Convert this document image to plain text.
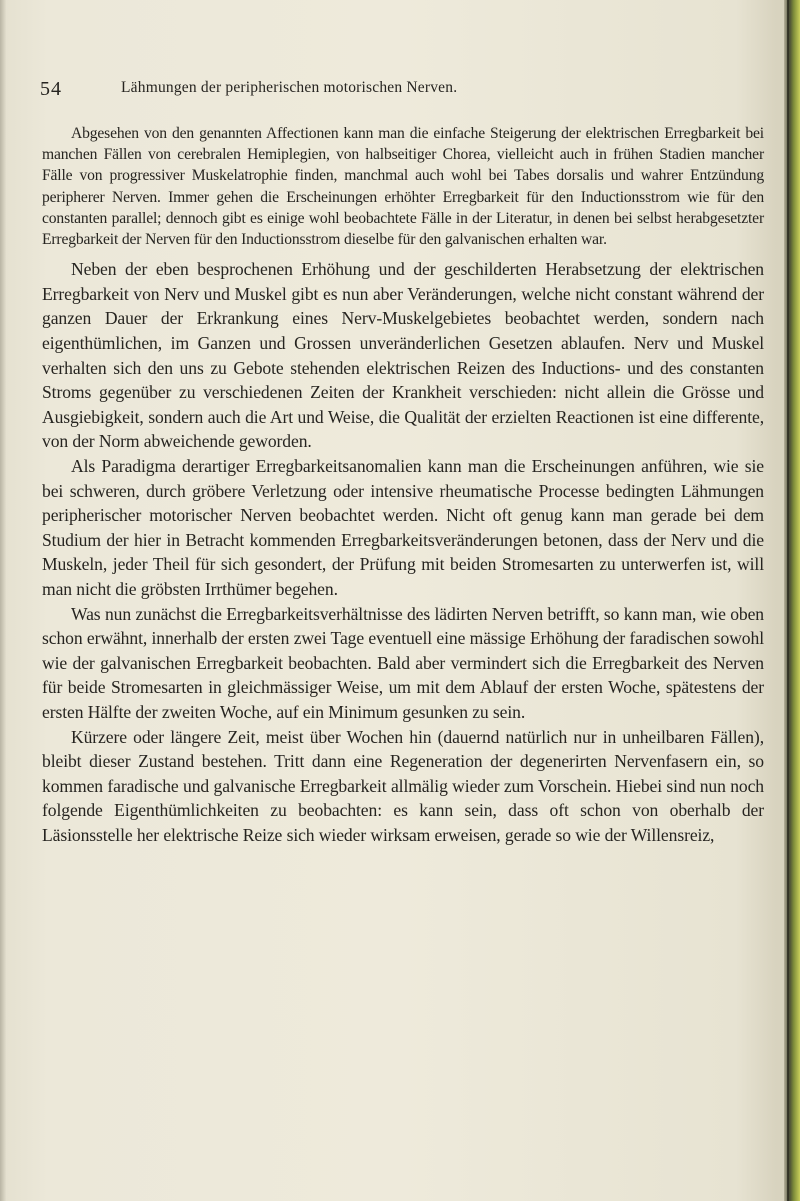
54	Lähmungen der peripherischen motorischen Nerven.

Abgesehen von den genannten Affectionen kann man die einfache Steigerung der elektrischen Erregbarkeit bei manchen Fällen von cerebralen Hemiplegien, von halbseitiger Chorea, vielleicht auch in frühen Stadien mancher Fälle von progressiver Muskelatrophie finden, manchmal auch wohl bei Tabes dorsalis und wahrer Entzündung peripherer Nerven. Immer gehen die Erscheinungen erhöhter Erregbarkeit für den Inductionsstrom wie für den constanten parallel; dennoch gibt es einige wohl beobachtete Fälle in der Literatur, in denen bei selbst herabgesetzter Erregbarkeit der Nerven für den Inductionsstrom dieselbe für den galvanischen erhalten war.

Neben der eben besprochenen Erhöhung und der geschilderten Herabsetzung der elektrischen Erregbarkeit von Nerv und Muskel gibt es nun aber Veränderungen, welche nicht constant während der ganzen Dauer der Erkrankung eines Nerv-Muskelgebietes beobachtet werden, sondern nach eigenthümlichen, im Ganzen und Grossen unveränderlichen Gesetzen ablaufen. Nerv und Muskel verhalten sich den uns zu Gebote stehenden elektrischen Reizen des Inductions- und des constanten Stroms gegenüber zu verschiedenen Zeiten der Krankheit verschieden: nicht allein die Grösse und Ausgiebigkeit, sondern auch die Art und Weise, die Qualität der erzielten Reactionen ist eine differente, von der Norm abweichende geworden.

Als Paradigma derartiger Erregbarkeitsanomalien kann man die Erscheinungen anführen, wie sie bei schweren, durch gröbere Verletzung oder intensive rheumatische Processe bedingten Lähmungen peripherischer motorischer Nerven beobachtet werden. Nicht oft genug kann man gerade bei dem Studium der hier in Betracht kommenden Erregbarkeitsveränderungen betonen, dass der Nerv und die Muskeln, jeder Theil für sich gesondert, der Prüfung mit beiden Stromesarten zu unterwerfen ist, will man nicht die gröbsten Irrthümer begehen.

Was nun zunächst die Erregbarkeitsverhältnisse des lädirten Nerven betrifft, so kann man, wie oben schon erwähnt, innerhalb der ersten zwei Tage eventuell eine mässige Erhöhung der faradischen sowohl wie der galvanischen Erregbarkeit beobachten. Bald aber vermindert sich die Erregbarkeit des Nerven für beide Stromesarten in gleichmässiger Weise, um mit dem Ablauf der ersten Woche, spätestens der ersten Hälfte der zweiten Woche, auf ein Minimum gesunken zu sein.

Kürzere oder längere Zeit, meist über Wochen hin (dauernd natürlich nur in unheilbaren Fällen), bleibt dieser Zustand bestehen. Tritt dann eine Regeneration der degenerirten Nervenfasern ein, so kommen faradische und galvanische Erregbarkeit allmälig wieder zum Vorschein. Hiebei sind nun noch folgende Eigenthümlichkeiten zu beobachten: es kann sein, dass oft schon von oberhalb der Läsionsstelle her elektrische Reize sich wieder wirksam erweisen, gerade so wie der Willensreiz,
